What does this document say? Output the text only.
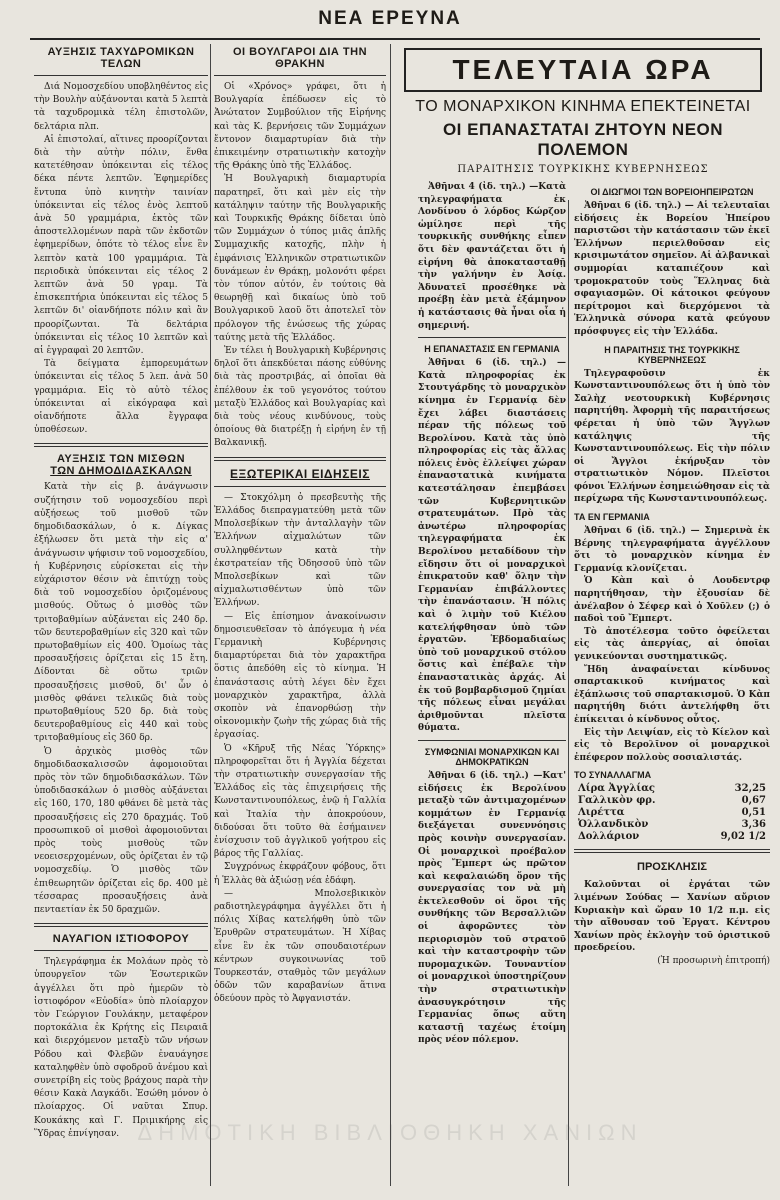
ΝΕΑ ΕΡΕΥΝΑ
ΑΥΞΗΣΙΣ ΤΑΧΥΔΡΟΜΙΚΩΝ ΤΕΛΩΝ

Διά Νομοσχεδίου υποβληθέντος εἰς τὴν Βουλὴν αὐξάνονται κατὰ 5 λεπτὰ τὰ ταχυδρομικὰ τέλη ἐπιστολῶν, δελτάρια πλπ.

Αἱ ἐπιστολαί, αἵτινες προορίζονται διὰ τὴν αὐτὴν πόλιν, ἕνθα κατετέθησαν ὑπόκεινται εἰς τέλος δέκα πέντε λεπτῶν. Ἐφημερίδες ἔντυπα ὑπὸ κινητὴν ταινίαν ὑπόκεινται εἰς τέλος ἐνὸς λεπτοῦ ἀνὰ 50 γραμμάρια, ἐκτὸς τῶν ἀποστελλομένων παρὰ τῶν ἐκδοτῶν ἐφημερίδων, ὁπότε τὸ τέλος εἶνε ἓν λεπτὸν κατὰ 100 γραμμάρια. Τὰ περιοδικὰ ὑπόκεινται εἰς τέλος 2 λεπτῶν ἀνὰ 50 γραμ. Τὰ ἐπισκεπτήρια ὑπόκεινται εἰς τέλος 5 λεπτῶν δι' οἱανδήποτε πόλιν καὶ ἂν προορίζωνται. Τὰ δελτάρια ὑπόκεινται εἰς τέλος 10 λεπτῶν καὶ αἱ ἐγγραφαὶ 20 λεπτῶν.

Τὰ δείγματα ἐμπορευμάτων ὑπόκεινται εἰς τέλος 5 λεπ. ἀνὰ 50 γραμμάρια. Εἰς τὸ αὐτὸ τέλος ὑπόκεινται αἱ εἰκόγραφα καὶ οἱανδήποτε ἄλλα ἔγγραφα ὑποθέσεων.

ΑΥΞΗΣΙΣ ΤΩΝ ΜΙΣΘΩΝ
ΤΩΝ ΔΗΜΟΔΙΔΑΣΚΑΛΩΝ

Κατὰ τὴν εἰς β. ἀνάγνωσιν συζήτησιν τοῦ νομοσχεδίου περὶ αὐξήσεως τοῦ μισθοῦ τῶν δημοδιδασκάλων, ὁ κ. Δίγκας ἐξήλωσεν ὅτι μετὰ τὴν εἰς α' ἀνάγνωσιν ψήφισιν τοῦ νομοσχεδίου, ἡ Κυβέρνησις εὑρίσκεται εἰς τὴν εὐχάριστον θέσιν νὰ ἐπιτύχῃ τοὺς διὰ τοῦ νομοσχεδίου ὁριζομένους μισθούς. Οὕτως ὁ μισθὸς τῶν τριτοβαθμίων αὐξάνεται εἰς 240 δρ. τῶν δευτεροβαθμίων εἰς 320 καὶ τῶν πρωτοβαθμίων εἰς 400. Ὁμοίως τὰς προσαυξήσεις ὁρίζεται εἰς 15 ἔτη. Δίδονται δὲ οὕτω τριῶν προσαυξήσεις μισθοῦ, δι' ὧν ὁ μισθὸς φθάνει τελικῶς διὰ τοὺς πρωτοβαθμίους 520 δρ. διὰ τοὺς δευτεροβαθμίους εἰς 440 καὶ τοὺς τριτοβαθμίους εἰς 360 δρ.

Ὁ ἀρχικὸς μισθὸς τῶν δημοδιδασκαλισσῶν ἀφομοιοῦται πρὸς τὸν τῶν δημοδιδασκάλων. Τῶν ὑποδιδασκάλων ὁ μισθὸς αὐξάνεται εἰς 160, 170, 180 φθάνει δὲ μετὰ τὰς προσαυξήσεις εἰς 270 δραχμάς. Τοῦ προσωπικοῦ οἱ μισθοὶ ἀφομοιοῦνται πρὸς τοὺς μισθοὺς τῶν νεοεισερχομένων, οὓς ὁρίζεται ἐν τῷ νομοσχεδίῳ. Ὁ μισθὸς τῶν ἐπιθεωρητῶν ὁρίζεται εἰς δρ. 400 μὲ τέσσαρας προσαυξήσεις ἀνὰ πενταετίαν ἐκ 50 δραχμῶν.

ΝΑΥΑΓΙΟΝ ΙΣΤΙΟΦΟΡΟΥ

Τηλεγράφημα ἐκ Μολάων πρὸς τὸ ὑπουργεῖον τῶν Ἐσωτερικῶν ἀγγέλλει ὅτι πρὸ ἡμερῶν τὸ ἱστιοφόρον «Εὐοδία» ὑπὸ πλοίαρχον τὸν Γεώργιον Γουλάκην, μεταφέρον πορτοκάλια ἐκ Κρήτης εἰς Πειραιᾶ καὶ διερχόμενον μεταξὺ τῶν νήσων Ρόδου καὶ Φλεβῶν ἐναυάγησε καταληφθὲν ὑπὸ σφοδροῦ ἀνέμου καὶ συνετρίβη εἰς τοὺς βράχους παρὰ τὴν θέσιν Κακὰ Λαγκάδι. Ἐσώθη μόνον ὁ πλοίαρχος. Οἱ ναῦται Σπυρ. Κουκάκης καὶ Γ. Πριμικήρης εἰς Ὕδρας ἐπνίγησαν.

ΟΙ ΒΟΥΛΓΑΡΟΙ ΔΙΑ ΤΗΝ ΘΡΑΚΗΝ

Οἱ «Χρόνος» γράφει, ὅτι ἡ Βουλγαρία ἐπέδωσεν εἰς τὸ Ἀνώτατον Συμβούλιον τῆς Εἰρήνης καὶ τὰς Κ. βερνήσεις τῶν Συμμάχων ἔντονον διαμαρτυρίαν διὰ τὴν ἐπικειμένην στρατιωτικὴν κατοχὴν τῆς Θράκης ὑπὸ τῆς Ἑλλάδος.

Ἡ Βουλγαρικὴ διαμαρτυρία παρατηρεῖ, ὅτι καὶ μὲν εἰς τὴν κατάληψιν ταύτην τῆς Βουλγαρικῆς καὶ Τουρκικῆς Θράκης δίδεται ὑπὸ τῶν Συμμάχων ὁ τύπος μιᾶς ἁπλῆς Συμμαχικῆς κατοχῆς, πλὴν ἡ ἐμφάνισις Ἑλληνικῶν στρατιωτικῶν δυνάμεων ἐν Θράκῃ, μολονότι φέρει τὸν τύπον αὐτόν, ἐν τούτοις θὰ θεωρηθῇ καὶ δικαίως ὑπὸ τοῦ Βουλγαρικοῦ λαοῦ ὅτι ἀποτελεῖ τὸν πρόλογον τῆς ἑνώσεως τῆς χώρας ταύτης μετὰ τῆς Ἑλλάδος.

Ἐν τέλει ἡ Βουλγαρικὴ Κυβέρνησις δηλοῖ ὅτι ἀπεκδύεται πάσης εὐθύνης διὰ τὰς προστριβάς, αἱ ὁποῖαι θὰ ἐπέλθουν ἐκ τοῦ γεγονότος τούτου μεταξὺ Ἑλλάδος καὶ Βουλγαρίας καὶ διὰ τοὺς νέους κινδύνους, τοὺς ὁποίους θὰ διατρέξῃ ἡ εἰρήνη ἐν τῇ Βαλκανικῇ.

ΕΞΩΤΕΡΙΚΑΙ ΕΙΔΗΣΕΙΣ

— Στοκχόλμη ὁ πρεσβευτὴς τῆς Ἑλλάδος διεπραγματεύθη μετὰ τῶν Μπολσεβίκων τὴν ἀνταλλαγὴν τῶν Ἑλλήνων αἰχμαλώτων τῶν συλληφθέντων κατὰ τὴν ἐκστρατείαν τῆς Ὀδησσοῦ ὑπὸ τῶν Μπολσεβίκων καὶ τῶν αἰχμαλωτισθέντων ὑπὸ τῶν Ἑλλήνων.

— Εἰς ἐπίσημον ἀνακοίνωσιν δημοσιευθεῖσαν τὸ ἀπόγευμα ἡ νέα Γερμανικὴ Κυβέρνησις διαμαρτύρεται διὰ τὸν χαρακτῆρα ὅστις ἀπεδόθη εἰς τὸ κίνημα. Ἡ ἐπανάστασις αὐτὴ λέγει δὲν ἔχει μοναρχικὸν χαρακτῆρα, ἀλλὰ σκοπὸν νὰ ἐπανορθώσῃ τὴν οἰκονομικὴν ζωὴν τῆς χώρας διὰ τῆς ἐργασίας.

Ὁ «Κῆρυξ τῆς Νέας Ὑόρκης» πληροφορεῖται ὅτι ἡ Ἀγγλία δέχεται τὴν στρατιωτικὴν συνεργασίαν τῆς Ἑλλάδος εἰς τὰς ἐπιχειρήσεις τῆς Κωνσταντινουπόλεως, ἐνῷ ἡ Γαλλία καὶ Ἰταλία τὴν ἀποκρούουν, διδούσαι ὅτι τοῦτο θὰ ἐσήμαινεν ἐνίσχυσιν τοῦ ἀγγλικοῦ γοήτρου εἰς βάρος τῆς Γαλλίας.

Συγχρόνως ἐκφράζουν φόβους, ὅτι ἡ Ἑλλὰς θὰ ἀξιώσῃ νέα ἐδάφη.

— Μπολσεβικικὸν ραδιοτηλεγράφημα ἀγγέλλει ὅτι ἡ πόλις Χίβας κατελήφθη ὑπὸ τῶν Ἐρυθρῶν στρατευμάτων. Ἡ Χίβας εἶνε ἓν ἐκ τῶν σπουδαιοτέρων κέντρων συγκοινωνίας τοῦ Τουρκεστάν, σταθμὸς τῶν μεγάλων ὁδῶν τῶν καραβανίων ἅτινα ὁδεύουν πρὸς τὸ Ἀφγανιστάν.

ΤΕΛΕΥΤΑΙΑ ΩΡΑ
ΤΟ ΜΟΝΑΡΧΙΚΟΝ ΚΙΝΗΜΑ ΕΠΕΚΤΕΙΝΕΤΑΙ
ΟΙ ΕΠΑΝΑΣΤΑΤΑΙ ΖΗΤΟΥΝ ΝΕΟΝ ΠΟΛΕΜΟΝ
ΠΑΡΑΙΤΗΣΙΣ ΤΟΥΡΚΙΚΗΣ ΚΥΒΕΡΝΗΣΕΩΣ

Ἀθῆναι 4 (ἰδ. τηλ.) —Κατὰ τηλεγραφήματα ἐκ Λονδίνου ὁ λόρδος Κώρζον ὡμίλησε περὶ τῆς τουρκικῆς συνθήκης εἶπεν ὅτι δὲν φαντάζεται ὅτι ἡ εἰρήνη θὰ ἀποκατασταθῇ τὴν γαλήνην ἐν Ἀσίᾳ. Ἀδυνατεῖ προσέθηκε νὰ προέβῃ ἐὰν μετὰ ἑξάμηνον ἡ κατάστασις θὰ ἦναι οἷα ἡ σημερινή.

Η ΕΠΑΝΑΣΤΑΣΙΣ ΕΝ ΓΕΡΜΑΝΙΑ

Ἀθῆναι 6 (ἰδ. τηλ.) — Κατὰ πληροφορίας ἐκ Στουτγάρδης τὸ μοναρχικὸν κίνημα ἐν Γερμανίᾳ δὲν ἔχει λάβει διαστάσεις πέραν τῆς πόλεως τοῦ Βερολίνου. Κατὰ τὰς ὑπὸ πληροφορίας εἰς τὰς ἄλλας πόλεις ἐνὸς ἐλλείψει χώραν ἐπαναστατικὰ κινήματα κατεστάλησαν ἐπεμβάσει τῶν Κυβερνητικῶν στρατευμάτων. Πρὸ τὰς ἀνωτέρω πληροφορίας τηλεγραφήματα ἐκ Βερολίνου μεταδίδουν τὴν εἴδησιν ὅτι οἱ μοναρχικοὶ ἐπικρατοῦν καθ' ὅλην τὴν Γερμανίαν ἐπιβάλλοντες τὴν ἐπανάστασιν. Ἡ πόλις καὶ ὁ λιμὴν τοῦ Κιέλου κατελήφθησαν ὑπὸ τῶν ἐργατῶν. Ἑβδομαδιαίως ὑπὸ τοῦ μοναρχικοῦ στόλου ὅστις καὶ ἐπέβαλε τὴν ἐπαναστατικὰς ἀρχάς. Αἱ ἐκ τοῦ βομβαρδισμοῦ ζημίαι τῆς πόλεως εἶναι μεγάλαι ἀριθμοῦνται πλεῖστα θύματα.

ΣΥΜΦΩΝΙΑΙ ΜΟΝΑΡΧΙΚΩΝ ΚΑΙ ΔΗΜΟΚΡΑΤΙΚΩΝ

Ἀθῆναι 6 (ἰδ. τηλ.) —Κατ' εἰδήσεις ἐκ Βερολίνου μεταξὺ τῶν ἀντιμαχομένων κομμάτων ἐν Γερμανίᾳ διεξάγεται συνεννόησις πρὸς κοινὴν συνεργασίαν. Οἱ μοναρχικοὶ προέβαλον πρὸς Ἔμπερτ ὡς πρῶτον καὶ κεφαλαιώδη ὅρον τῆς συνεργασίας τον νὰ μὴ ἐκτελεσθοῦν οἱ ὅροι τῆς συνθήκης τῶν Βερσαλλιῶν οἱ ἀφορῶντες τὸν περιορισμὸν τοῦ στρατοῦ καὶ τὴν καταστροφὴν τῶν πυρομαχικῶν. Τουναντίον οἱ μοναρχικοὶ ὑποστηρίζουν τὴν στρατιωτικὴν ἀνασυγκρότησιν τῆς Γερμανίας ὅπως αὕτη καταστῇ ταχέως ἑτοίμη πρὸς νέον πόλεμον.

ΟΙ ΔΙΩΓΜΟΙ ΤΩΝ ΒΟΡΕΙΟΗΠΕΙΡΩΤΩΝ

Ἀθῆναι 6 (ἰδ. τηλ.) — Αἱ τελευταῖαι εἰδήσεις ἐκ Βορείου Ἠπείρου παριστῶσι τὴν κατάστασιν τῶν ἐκεῖ Ἑλλήνων περιελθοῦσαν εἰς κρισιμωτάτον σημεῖον. Αἱ ἀλβανικαὶ συμμορίαι καταπιέζουν καὶ τρομοκρατοῦν τοὺς Ἕλληνας διὰ σφαγιασμῶν. Οἱ κάτοικοι φεύγουν περίτρομοι καὶ διερχόμενοι τὰ Ἑλληνικὰ σύνορα κατὰ φεύγουν πρόσφυγες εἰς τὴν Ἑλλάδα.

Η ΠΑΡΑΙΤΗΣΙΣ ΤΗΣ ΤΟΥΡΚΙΚΗΣ ΚΥΒΕΡΝΗΣΕΩΣ

Τηλεγραφοῦσιν ἐκ Κωνσταντινουπόλεως ὅτι ἡ ὑπὸ τὸν Σαλὴχ νεοτουρκικὴ Κυβέρνησις παρητήθη. Ἀφορμὴ τῆς παραιτήσεως φέρεται ἡ ὑπὸ τῶν Ἄγγλων κατάληψις τῆς Κωνσταντινουπόλεως. Εἰς τὴν πόλιν οἱ Ἄγγλοι ἐκήρυξαν τὸν στρατιωτικὸν Νόμον. Πλεῖστοι φόνοι Ἑλλήνων ἐσημειώθησαν εἰς τὰ περίχωρα τῆς Κωνσταντινουπόλεως.

ΤΑ ΕΝ ΓΕΡΜΑΝΙΑ

Ἀθῆναι 6 (ἰδ. τηλ.) — Σημερινὰ ἐκ Βέρνης τηλεγραφήματα ἀγγέλλουν ὅτι τὸ μοναρχικὸν κίνημα ἐν Γερμανίᾳ κλονίζεται.

Ὁ Κὰπ καὶ ὁ Λουδεντρφ παρητήθησαν, τὴν ἐξουσίαν δὲ ἀνέλαβον ὁ Σέφερ καὶ ὁ Χοῦλεν (;) ὁ παδοὶ τοῦ Ἔμπερτ.

Τὸ ἀποτέλεσμα τοῦτο ὀφείλεται εἰς τὰς ἀπεργίας, αἱ ὁποῖαι γενικεύονται συστηματικῶς.

Ἤδη ἀναφαίνεται κίνδυνος σπαρτακικοῦ κινήματος καὶ ἐξάπλωσις τοῦ σπαρτακισμοῦ. Ὁ Κὰπ παρητήθη διότι ἀντελήφθη ὅτι ἐπίκειται ὁ κίνδυνος οὗτος.

Εἰς τὴν Λειψίαν, εἰς τὸ Κίελον καὶ εἰς τὸ Βερολῖνον οἱ μοναρχικοὶ ἐπέφερον πολλοὺς σοσιαλιστάς.

ΤΟ ΣΥΝΑΛΛΑΓΜΑ
Λίρα Ἀγγλίας	32,25
Γαλλικὸν φρ.	0,67
Λιρέττα	0,51
Ὀλλανδικὸν	3,36
Δολλάριον	9,02 1/2
ΠΡΟΣΚΛΗΣΙΣ

Καλοῦνται οἱ ἐργάται τῶν λιμένων Σούδας — Χανίων αὔριον Κυριακὴν καὶ ὥραν 10 1/2 π.μ. εἰς τὴν αἴθουσαν τοῦ Ἐργατ. Κέντρου Χανίων πρὸς ἐκλογὴν τοῦ ὁριστικοῦ προεδρείου.

(Ἡ προσωρινὴ ἐπιτροπή)

ΔΗΜΟΤΙΚΗ ΒΙΒΛΙΟΘΗΚΗ ΧΑΝΙΩΝ
